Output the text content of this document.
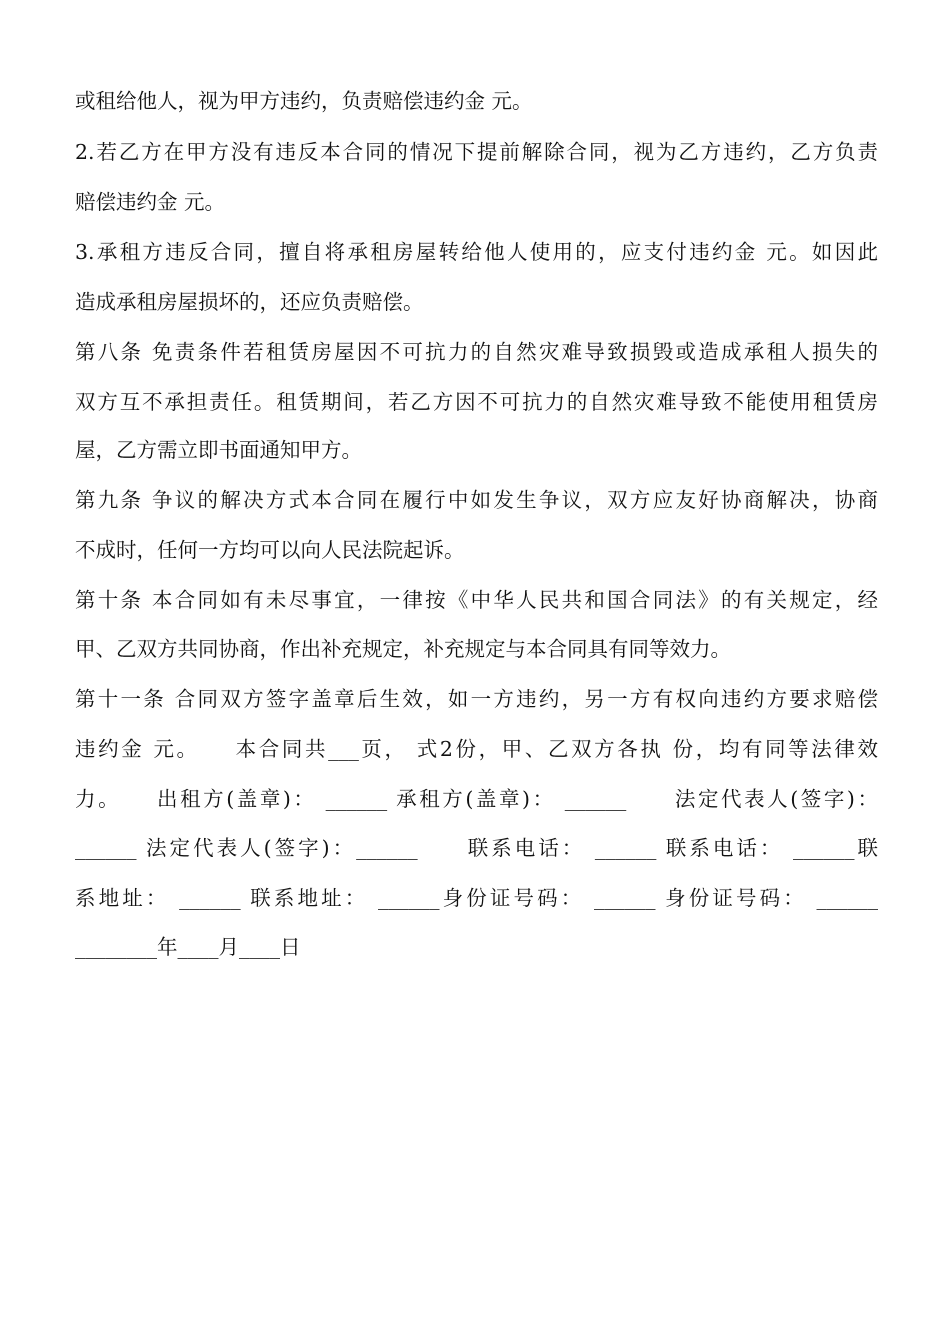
或租给他人，视为甲方违约，负责赔偿违约金 元。
2.若乙方在甲方没有违反本合同的情况下提前解除合同，视为乙方违约，乙方负责
赔偿违约金 元。
3.承租方违反合同，擅自将承租房屋转给他人使用的，应支付违约金 元。如因此
造成承租房屋损坏的，还应负责赔偿。
第八条 免责条件若租赁房屋因不可抗力的自然灾难导致损毁或造成承租人损失的
双方互不承担责任。租赁期间，若乙方因不可抗力的自然灾难导致不能使用租赁房
屋，乙方需立即书面通知甲方。
第九条 争议的解决方式本合同在履行中如发生争议，双方应友好协商解决，协商
不成时，任何一方均可以向人民法院起诉。
第十条 本合同如有未尽事宜，一律按《中华人民共和国合同法》的有关规定，经
甲、乙双方共同协商，作出补充规定，补充规定与本合同具有同等效力。
第十一条 合同双方签字盖章后生效，如一方违约，另一方有权向违约方要求赔偿
违约金 元。　　本合同共___页， 式2份，甲、乙双方各执 份，均有同等法律效
力。　　出租方(盖章)： ______ 承租方(盖章)： ______　　法定代表人(签字)：
______ 法定代表人(签字)：______　　联系电话： ______ 联系电话： ______联
系地址： ______ 联系地址： ______身份证号码： ______ 身份证号码： ______
________年____月____日
